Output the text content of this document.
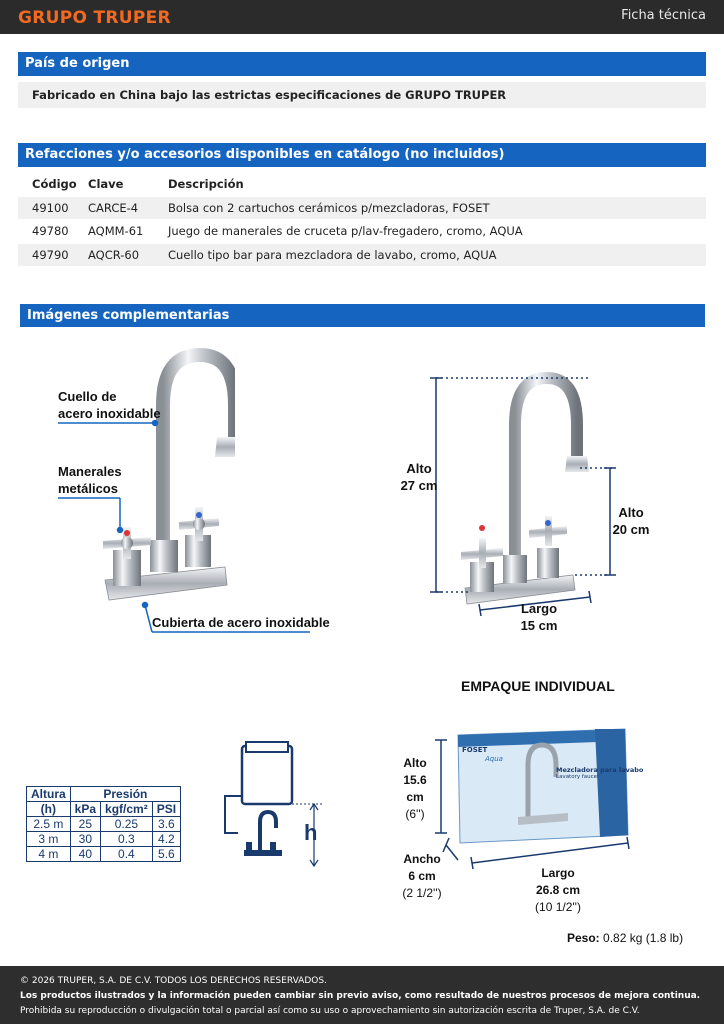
GRUPO TRUPER	Ficha técnica
País de origen
Fabricado en China bajo las estrictas especificaciones de GRUPO TRUPER
Refacciones y/o accesorios disponibles en catálogo (no incluidos)
Código Clave	Descripción
49100	CARCE-4	Bolsa con 2 cartuchos cerámicos p/mezcladoras, FOSET
49780	AQMM-61	Juego de manerales de cruceta p/lav-fregadero, cromo, AQUA
49790	AQCR-60	Cuello tipo bar para mezcladora de lavabo, cromo, AQUA
Imágenes complementarias
Cuello de
acero inoxidable
Manerales
metálicos
Cubierta de acero inoxidable
Alto
27 cm
Alto
20 cm
Largo
15 cm
EMPAQUE INDIVIDUAL
FOSET
Aqua
Mezcladora para lavabo
Lavatory faucet
Alto
15.6 cm
(6'')
Ancho
6 cm
(2 1/2'')
Largo
26.8 cm
(10 1/2'')
Peso: 0.82 kg (1.8 lb)
Altura	Presión		
(h)	kPa	kgf/cm²	PSI
2.5 m	25	0.25	3.6
3 m	30	0.3	4.2
4 m	40	0.4	5.6
h
© 2026 TRUPER, S.A. DE C.V. TODOS LOS DERECHOS RESERVADOS.
Los productos ilustrados y la información pueden cambiar sin previo aviso, como resultado de nuestros procesos de mejora continua.
Prohibida su reproducción o divulgación total o parcial así como su uso o aprovechamiento sin autorización escrita de Truper, S.A. de C.V.
